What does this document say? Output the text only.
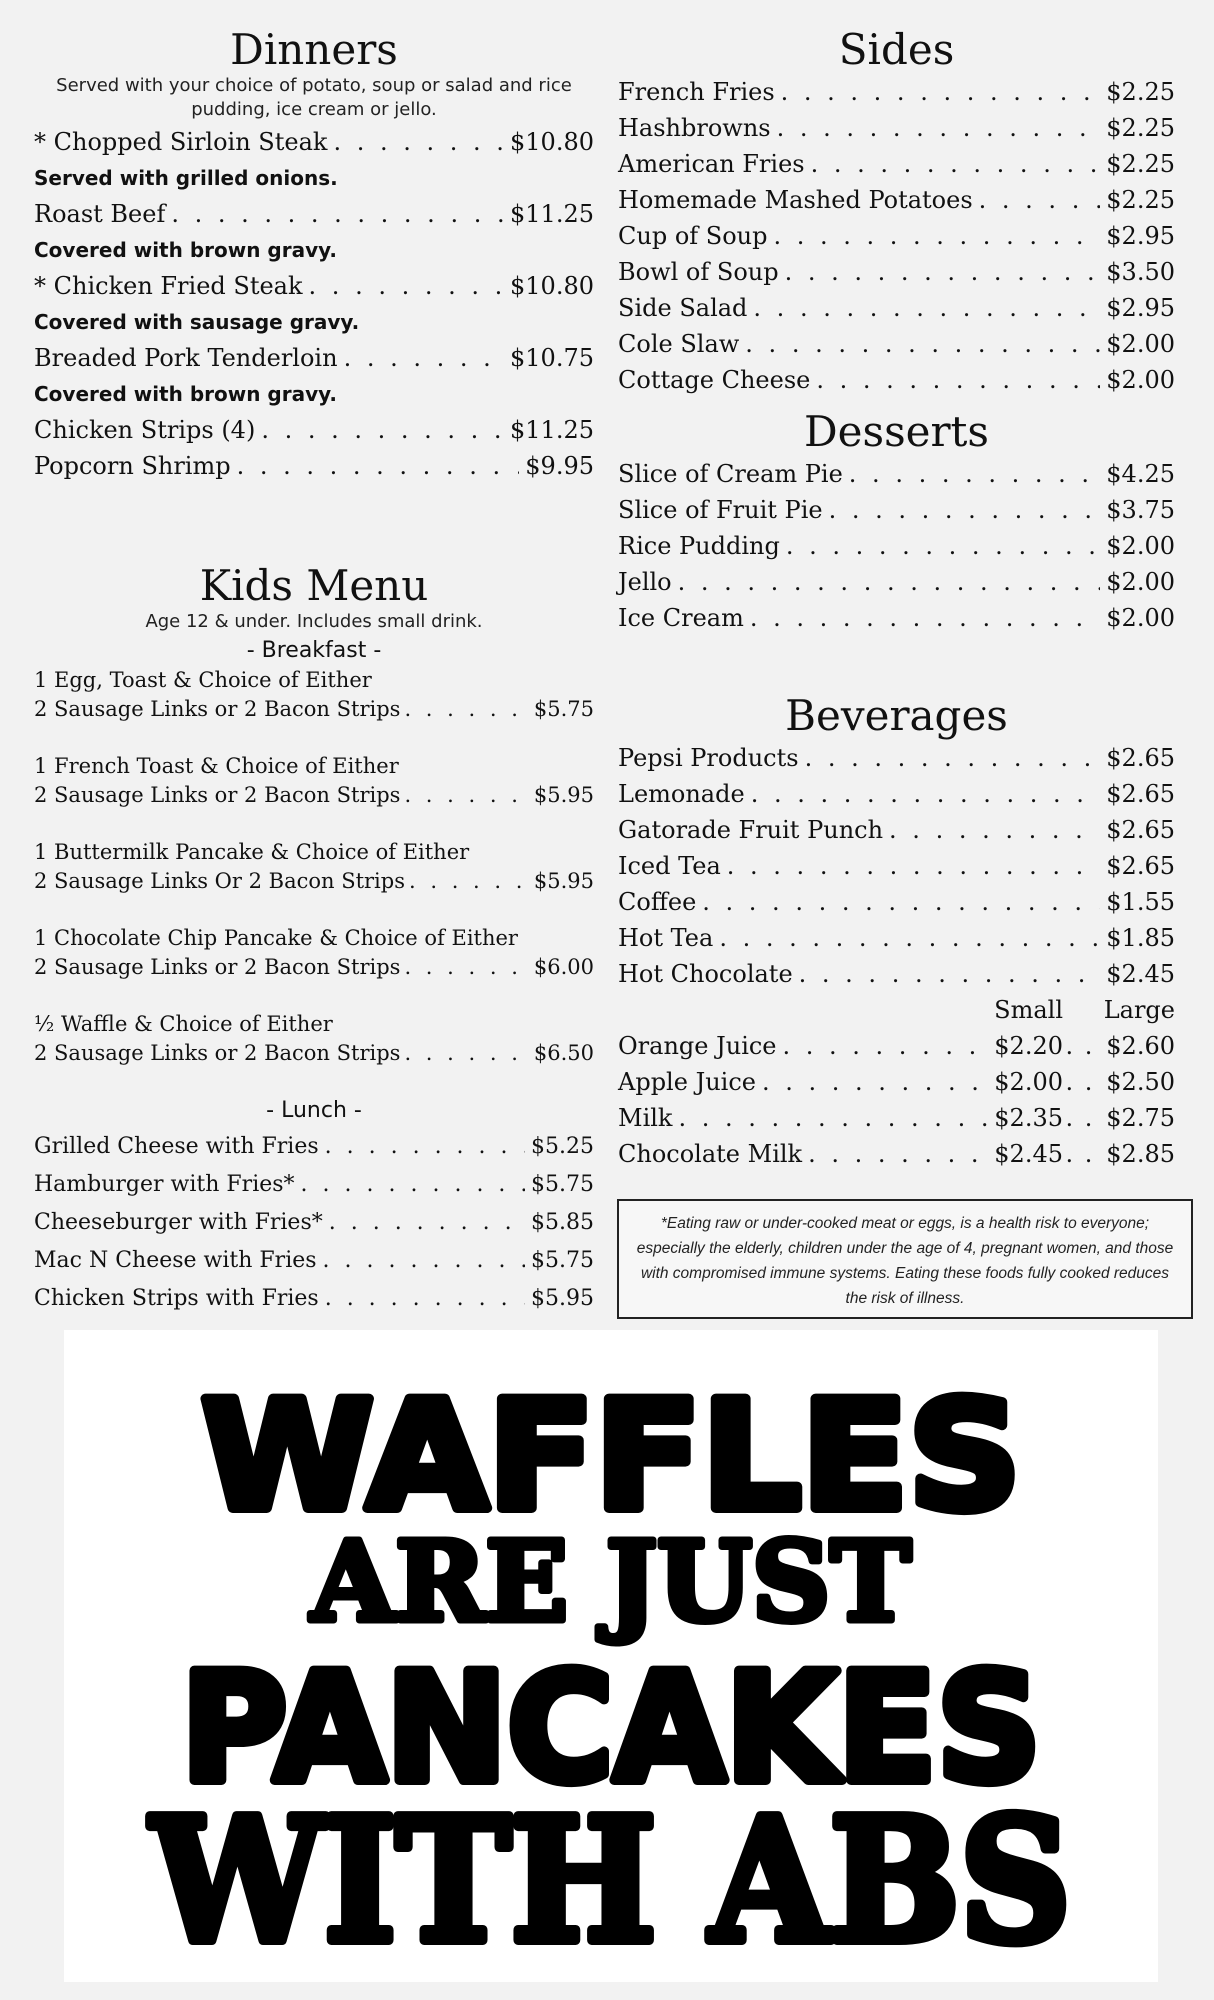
Dinners

Served with your choice of potato, soup or salad and rice pudding, ice cream or jello.

* Chopped Sirloin Steak . . .	$10.80

Served with grilled onions.

Roast Beef . . .	$11.25

Covered with brown gravy.

* Chicken Fried Steak . . .	$10.80

Covered with sausage gravy.

Breaded Pork Tenderloin . . .	$10.75

Covered with brown gravy.

Chicken Strips (4) . . .	$11.25
Popcorn Shrimp . . .	$9.95
Kids Menu

Age 12 & under. Includes small drink.

- Breakfast -

1 Egg, Toast & Choice of Either
2 Sausage Links or 2 Bacon Strips . . .	$5.75
1 French Toast & Choice of Either
2 Sausage Links or 2 Bacon Strips . . .	$5.95
1 Buttermilk Pancake & Choice of Either
2 Sausage Links Or 2 Bacon Strips . . .	$5.95
1 Chocolate Chip Pancake & Choice of Either
2 Sausage Links or 2 Bacon Strips . . .	$6.00
½ Waffle & Choice of Either
2 Sausage Links or 2 Bacon Strips . . .	$6.50

- Lunch -

Grilled Cheese with Fries . . .	$5.25
Hamburger with Fries* . . .	$5.75
Cheeseburger with Fries* . . .	$5.85
Mac N Cheese with Fries . . .	$5.75
Chicken Strips with Fries . . .	$5.95
Sides
French Fries . . .	$2.25
Hashbrowns . . .	$2.25
American Fries . . .	$2.25
Homemade Mashed Potatoes . . .	$2.25
Cup of Soup . . .	$2.95
Bowl of Soup . . .	$3.50
Side Salad . . .	$2.95
Cole Slaw . . .	$2.00
Cottage Cheese . . .	$2.00
Desserts
Slice of Cream Pie . . .	$4.25
Slice of Fruit Pie . . .	$3.75
Rice Pudding . . .	$2.00
Jello . . .	$2.00
Ice Cream . . .	$2.00
Beverages
Pepsi Products . . .	$2.65
Lemonade . . .	$2.65
Gatorade Fruit Punch . . .	$2.65
Iced Tea . . .	$2.65
Coffee . . .	$1.55
Hot Tea . . .	$1.85
Hot Chocolate . . .	$2.45
Small Large
Orange Juice . . .	$2.20 . . $2.60
Apple Juice . . .	$2.00 . . $2.50
Milk . . .	$2.35 . . $2.75
Chocolate Milk . . .	$2.45 . . $2.85
*Eating raw or under-cooked meat or eggs, is a health risk to everyone; especially the elderly, children under the age of 4, pregnant women, and those with compromised immune systems. Eating these foods fully cooked reduces the risk of illness.
WAFFLES
ARE JUST
PANCAKES
WITH ABS
